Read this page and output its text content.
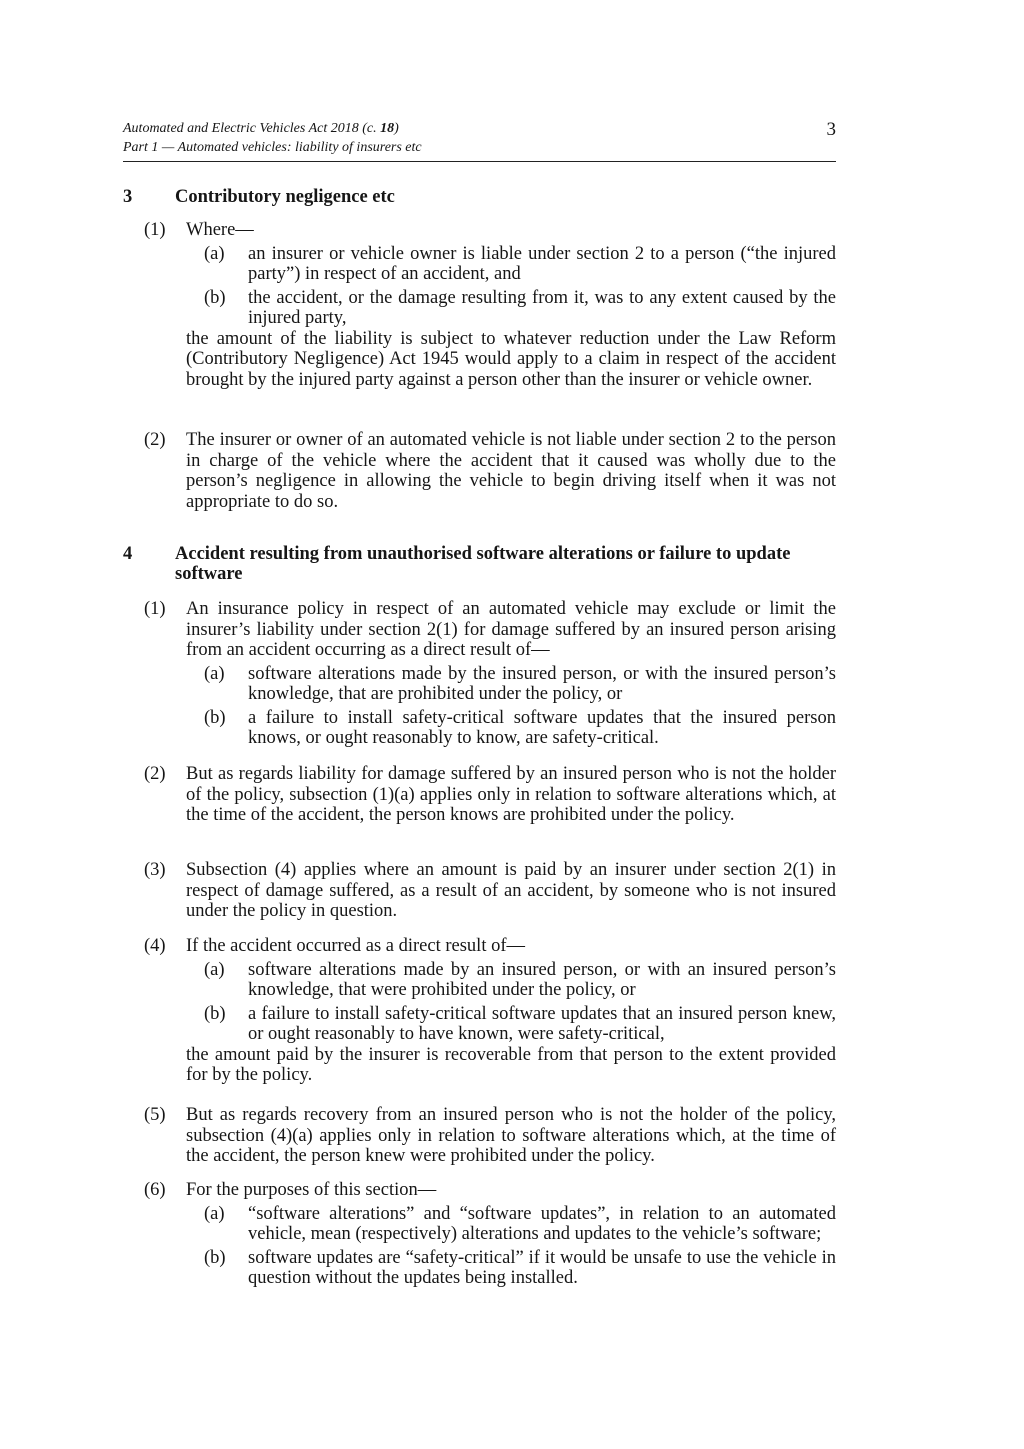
Automated and Electric Vehicles Act 2018 (c. 18)
Part 1 — Automated vehicles: liability of insurers etc
3
3 Contributory negligence etc
(1) Where—
(a) an insurer or vehicle owner is liable under section 2 to a person (“the injured party”) in respect of an accident, and
(b) the accident, or the damage resulting from it, was to any extent caused by the injured party,
the amount of the liability is subject to whatever reduction under the Law Reform (Contributory Negligence) Act 1945 would apply to a claim in respect of the accident brought by the injured party against a person other than the insurer or vehicle owner.
(2) The insurer or owner of an automated vehicle is not liable under section 2 to the person in charge of the vehicle where the accident that it caused was wholly due to the person’s negligence in allowing the vehicle to begin driving itself when it was not appropriate to do so.
4 Accident resulting from unauthorised software alterations or failure to update software
(1) An insurance policy in respect of an automated vehicle may exclude or limit the insurer’s liability under section 2(1) for damage suffered by an insured person arising from an accident occurring as a direct result of—
(a) software alterations made by the insured person, or with the insured person’s knowledge, that are prohibited under the policy, or
(b) a failure to install safety-critical software updates that the insured person knows, or ought reasonably to know, are safety-critical.
(2) But as regards liability for damage suffered by an insured person who is not the holder of the policy, subsection (1)(a) applies only in relation to software alterations which, at the time of the accident, the person knows are prohibited under the policy.
(3) Subsection (4) applies where an amount is paid by an insurer under section 2(1) in respect of damage suffered, as a result of an accident, by someone who is not insured under the policy in question.
(4) If the accident occurred as a direct result of—
(a) software alterations made by an insured person, or with an insured person’s knowledge, that were prohibited under the policy, or
(b) a failure to install safety-critical software updates that an insured person knew, or ought reasonably to have known, were safety-critical,
the amount paid by the insurer is recoverable from that person to the extent provided for by the policy.
(5) But as regards recovery from an insured person who is not the holder of the policy, subsection (4)(a) applies only in relation to software alterations which, at the time of the accident, the person knew were prohibited under the policy.
(6) For the purposes of this section—
(a) “software alterations” and “software updates”, in relation to an automated vehicle, mean (respectively) alterations and updates to the vehicle’s software;
(b) software updates are “safety-critical” if it would be unsafe to use the vehicle in question without the updates being installed.
